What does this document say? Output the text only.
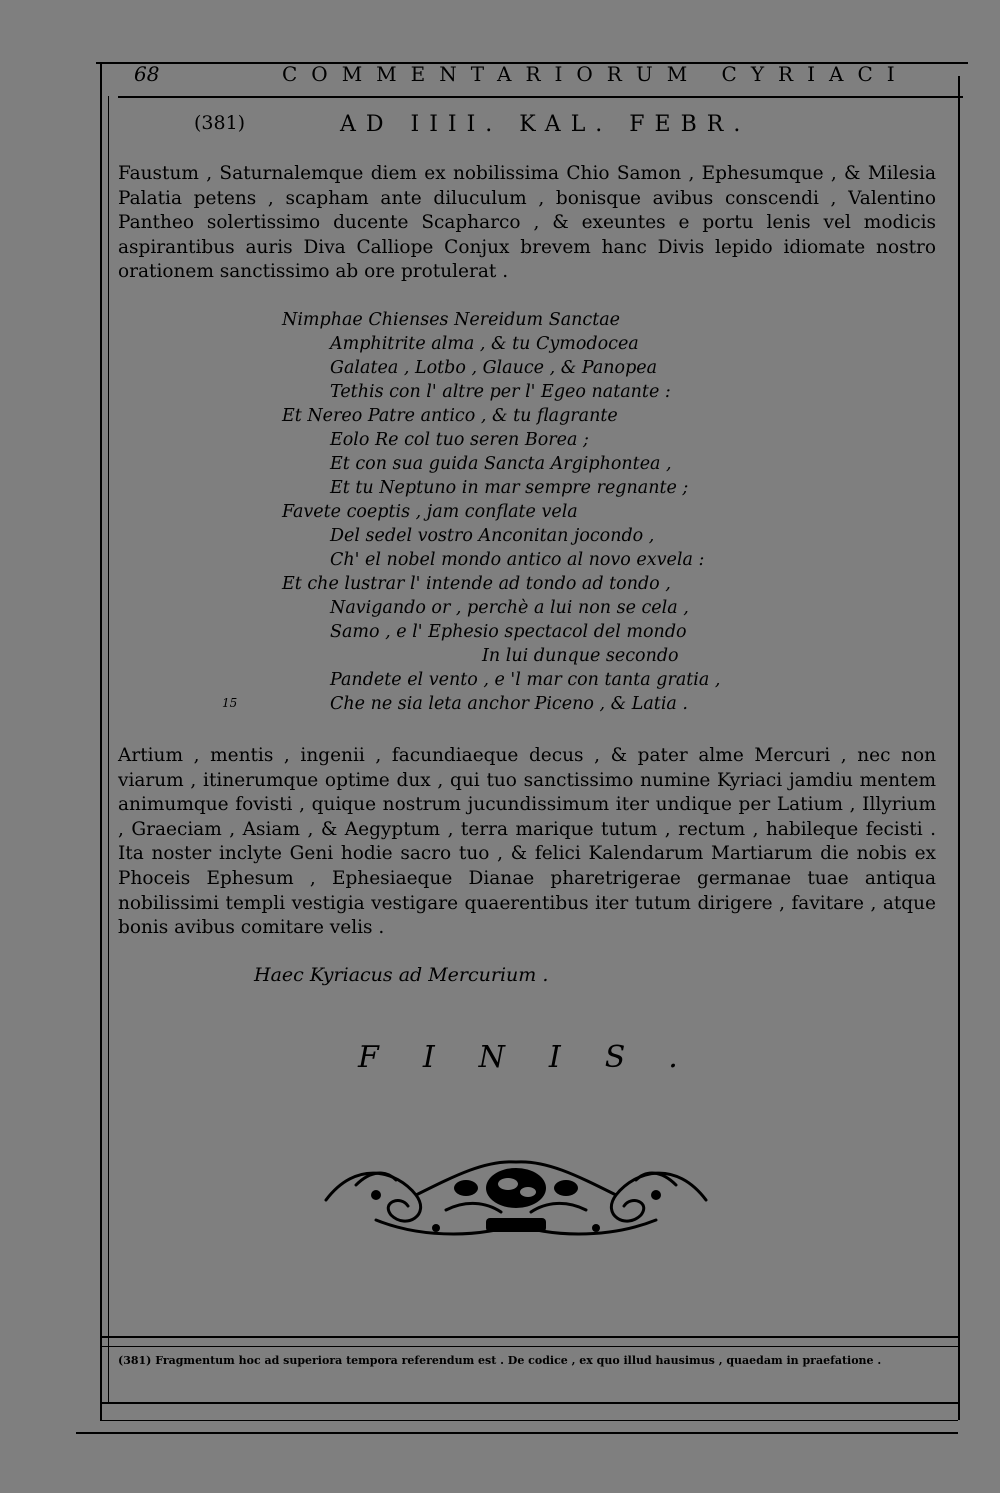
68	COMMENTARIORUM CYRIACI
(381)	AD IIII. KAL. FEBR.
Faustum , Saturnalemque diem ex nobilissima Chio Samon , Ephesumque , & Milesia Palatia petens , scapham ante diluculum , bonisque avibus conscendi , Valentino Pantheo solertissimo ducente Scapharco , & exeuntes e portu lenis vel modicis aspirantibus auris Diva Calliope Conjux brevem hanc Divis lepido idiomate nostro orationem sanctissimo ab ore protulerat .
Nimphae Chienses Nereidum Sanctae
Amphitrite alma , & tu Cymodocea
Galatea , Lotbo , Glauce , & Panopea
Tethis con l' altre per l' Egeo natante :
Et Nereo Patre antico , & tu flagrante
Eolo Re col tuo seren Borea ;
Et con sua guida Sancta Argiphontea ,
Et tu Neptuno in mar sempre regnante ;
Favete coeptis , jam conflate vela
Del sedel vostro Anconitan jocondo ,
Ch' el nobel mondo antico al novo exvela :
Et che lustrar l' intende ad tondo ad tondo ,
Navigando or , perchè a lui non se cela ,
Samo , e l' Ephesio spectacol del mondo
In lui dunque secondo
Pandete el vento , e 'l mar con tanta gratia ,
Che ne sia leta anchor Piceno , & Latia .
15
Artium , mentis , ingenii , facundiaeque decus , & pater alme Mercuri , nec non viarum , itinerumque optime dux , qui tuo sanctissimo numine Kyriaci jamdiu mentem animumque fovisti , quique nostrum jucundissimum iter undique per Latium , Illyrium , Graeciam , Asiam , & Aegyptum , terra marique tutum , rectum , habileque fecisti . Ita noster inclyte Geni hodie sacro tuo , & felici Kalendarum Martiarum die nobis ex Phoceis Ephesum , Ephesiaeque Dianae pharetrigerae germanae tuae antiqua nobilissimi templi vestigia vestigare quaerentibus iter tutum dirigere , favitare , atque bonis avibus comitare velis .
Haec Kyriacus ad Mercurium .
FINIS.
(381) Fragmentum hoc ad superiora tempora referendum est . De codice , ex quo illud hausimus , quaedam in praefatione .
